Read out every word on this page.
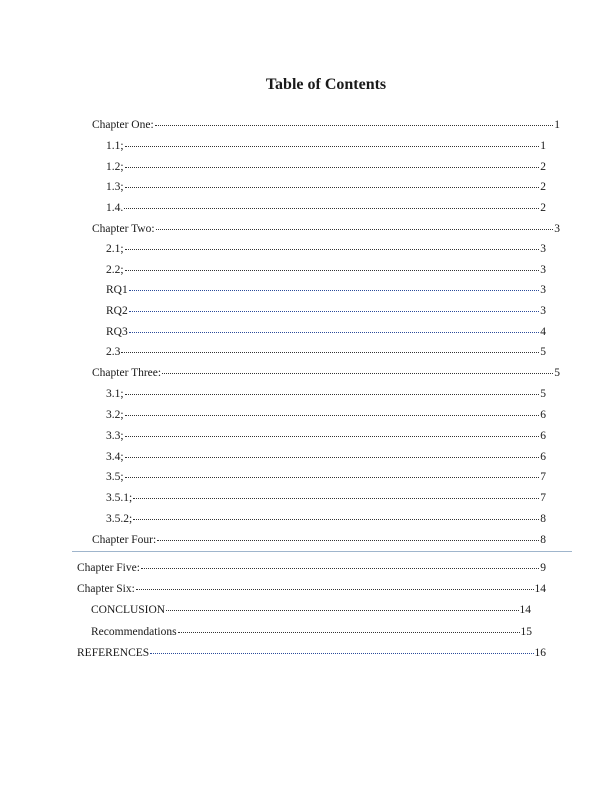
Table of Contents
Chapter One:	1
1.1;	1
1.2;	2
1.3;	2
1.4.	2
Chapter Two:	3
2.1;	3
2.2;	3
RQ1	3
RQ2	3
RQ3	4
2.3	5
Chapter Three:	5
3.1;	5
3.2;	6
3.3;	6
3.4;	6
3.5;	7
3.5.1;	7
3.5.2;	8
Chapter Four:	8
Chapter Five:	9
Chapter Six:	14
CONCLUSION	14
Recommendations	15
REFERENCES	16
